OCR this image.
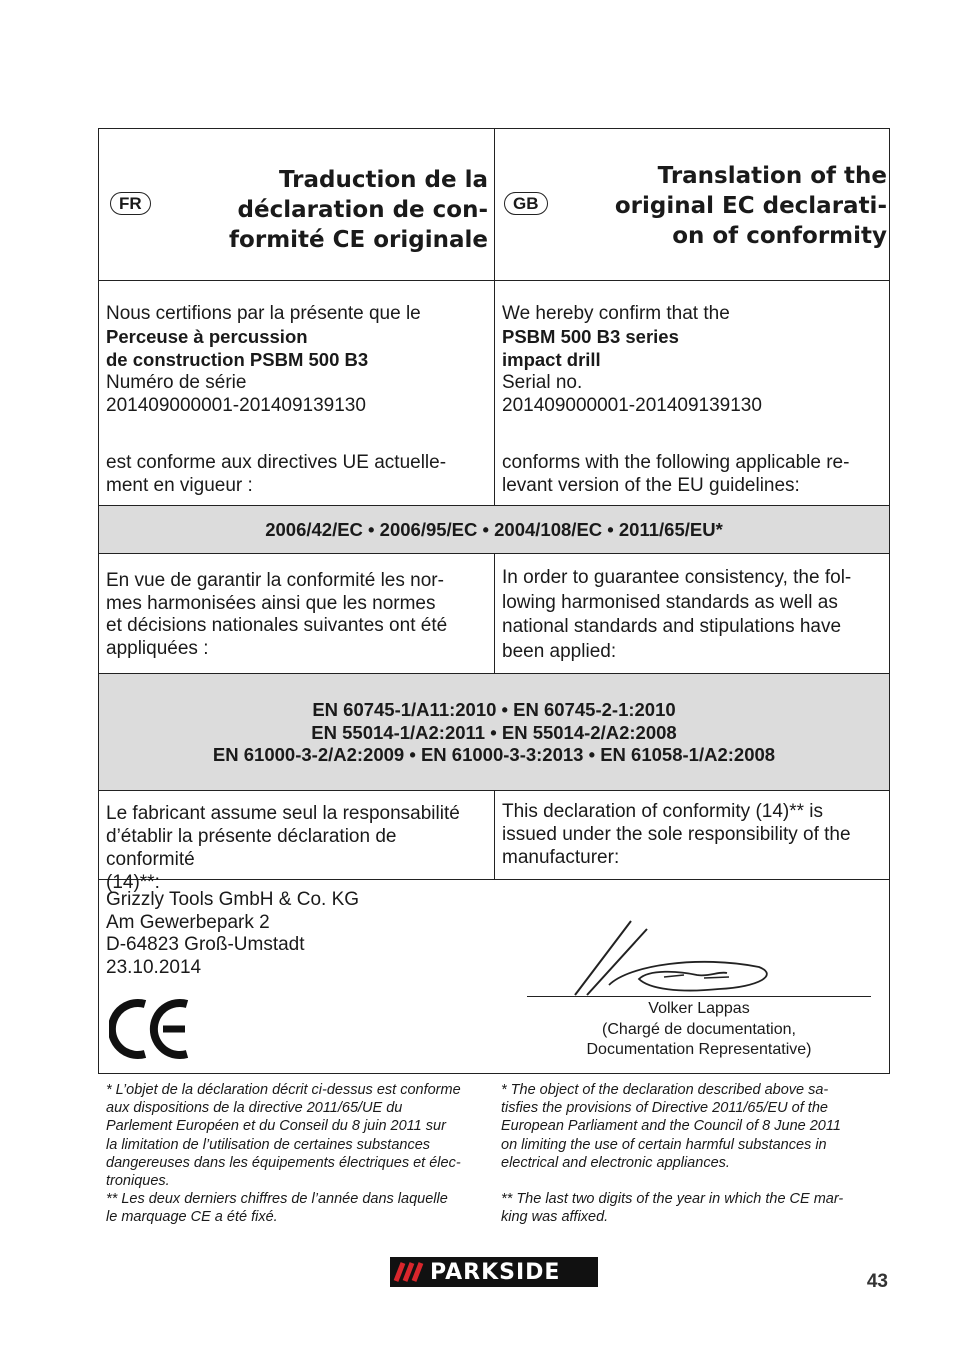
FR
Traduction de la
déclaration de con-
formité CE originale
GB
Translation of the
original EC declarati-
on of conformity
Nous certifions par la présente que le
Perceuse à percussion
de construction PSBM 500 B3
Numéro de série
201409000001-201409139130
est conforme aux directives UE actuelle-
ment en vigueur :
We hereby confirm that the
PSBM 500 B3 series
impact drill
Serial no.
201409000001-201409139130
conforms with the following applicable re-
levant version of the EU guidelines:
2006/42/EC • 2006/95/EC • 2004/108/EC • 2011/65/EU*
En vue de garantir la conformité les nor-
mes harmonisées ainsi que les normes
et décisions nationales suivantes ont été
appliquées :
In order to guarantee consistency, the fol-
lowing harmonised standards as well as
national standards and stipulations have
been applied:
EN 60745-1/A11:2010 • EN 60745-2-1:2010
EN 55014-1/A2:2011 • EN 55014-2/A2:2008
EN 61000-3-2/A2:2009 • EN 61000-3-3:2013 • EN 61058-1/A2:2008
Le fabricant assume seul la responsabilité
d’établir la présente déclaration de conformité
(14)**:
This declaration of conformity (14)** is
issued under the sole responsibility of the
manufacturer:
Grizzly Tools GmbH & Co. KG
Am Gewerbepark 2
D-64823 Groß-Umstadt
23.10.2014
Volker Lappas
(Chargé de documentation,
Documentation Representative)
* L’objet de la déclaration décrit ci-dessus est conforme
aux dispositions de la directive 2011/65/UE du
Parlement Européen et du Conseil du 8 juin 2011 sur
la limitation de l’utilisation de certaines substances
dangereuses dans les équipements électriques et élec-
troniques.
** Les deux derniers chiffres de l’année dans laquelle
le marquage CE a été fixé.
* The object of the declaration described above sa-
tisfies the provisions of Directive 2011/65/EU of the
European Parliament and the Council of 8 June 2011
on limiting the use of certain harmful substances in
electrical and electronic appliances.
** The last two digits of the year in which the CE mar-
king was affixed.
PARKSIDE	43
